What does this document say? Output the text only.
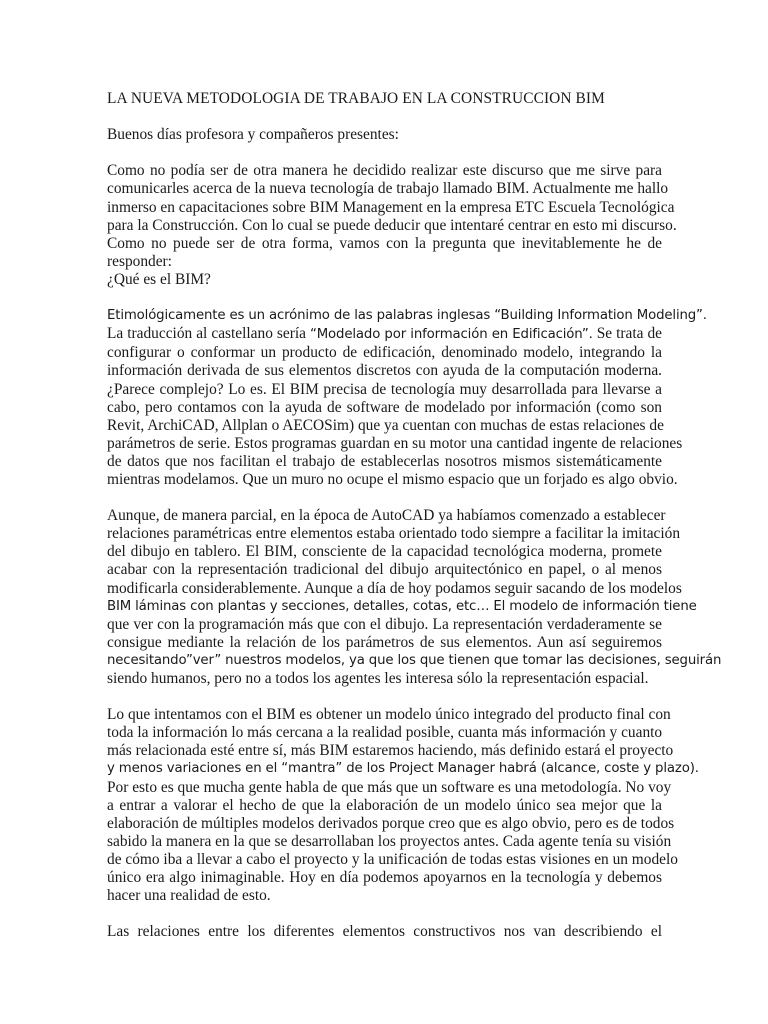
LA NUEVA METODOLOGIA DE TRABAJO EN LA CONSTRUCCION BIM

Buenos días profesora y compañeros presentes:

Como no podía ser de otra manera he decidido realizar este discurso que me sirve para
comunicarles acerca de la nueva tecnología de trabajo llamado BIM. Actualmente me hallo
inmerso en capacitaciones sobre BIM Management en la empresa ETC Escuela Tecnológica
para la Construcción. Con lo cual se puede deducir que intentaré centrar en esto mi discurso.
Como no puede ser de otra forma, vamos con la pregunta que inevitablemente he de
responder:
¿Qué es el BIM?

Etimológicamente es un acrónimo de las palabras inglesas “Building Information Modeling”.
La traducción al castellano sería “Modelado por información en Edificación”. Se trata de
configurar o conformar un producto de edificación, denominado modelo, integrando la
información derivada de sus elementos discretos con ayuda de la computación moderna.
¿Parece complejo? Lo es. El BIM precisa de tecnología muy desarrollada para llevarse a
cabo, pero contamos con la ayuda de software de modelado por información (como son
Revit, ArchiCAD, Allplan o AECOSim) que ya cuentan con muchas de estas relaciones de
parámetros de serie. Estos programas guardan en su motor una cantidad ingente de relaciones
de datos que nos facilitan el trabajo de establecerlas nosotros mismos sistemáticamente
mientras modelamos. Que un muro no ocupe el mismo espacio que un forjado es algo obvio.

Aunque, de manera parcial, en la época de AutoCAD ya habíamos comenzado a establecer
relaciones paramétricas entre elementos estaba orientado todo siempre a facilitar la imitación
del dibujo en tablero. El BIM, consciente de la capacidad tecnológica moderna, promete
acabar con la representación tradicional del dibujo arquitectónico en papel, o al menos
modificarla considerablemente. Aunque a día de hoy podamos seguir sacando de los modelos
BIM láminas con plantas y secciones, detalles, cotas, etc… El modelo de información tiene
que ver con la programación más que con el dibujo. La representación verdaderamente se
consigue mediante la relación de los parámetros de sus elementos. Aun así seguiremos
necesitando”ver” nuestros modelos, ya que los que tienen que tomar las decisiones, seguirán
siendo humanos, pero no a todos los agentes les interesa sólo la representación espacial.

Lo que intentamos con el BIM es obtener un modelo único integrado del producto final con
toda la información lo más cercana a la realidad posible, cuanta más información y cuanto
más relacionada esté entre sí, más BIM estaremos haciendo, más definido estará el proyecto
y menos variaciones en el “mantra” de los Project Manager habrá (alcance, coste y plazo).
Por esto es que mucha gente habla de que más que un software es una metodología. No voy
a entrar a valorar el hecho de que la elaboración de un modelo único sea mejor que la
elaboración de múltiples modelos derivados porque creo que es algo obvio, pero es de todos
sabido la manera en la que se desarrollaban los proyectos antes. Cada agente tenía su visión
de cómo iba a llevar a cabo el proyecto y la unificación de todas estas visiones en un modelo
único era algo inimaginable. Hoy en día podemos apoyarnos en la tecnología y debemos
hacer una realidad de esto.

Las relaciones entre los diferentes elementos constructivos nos van describiendo el
